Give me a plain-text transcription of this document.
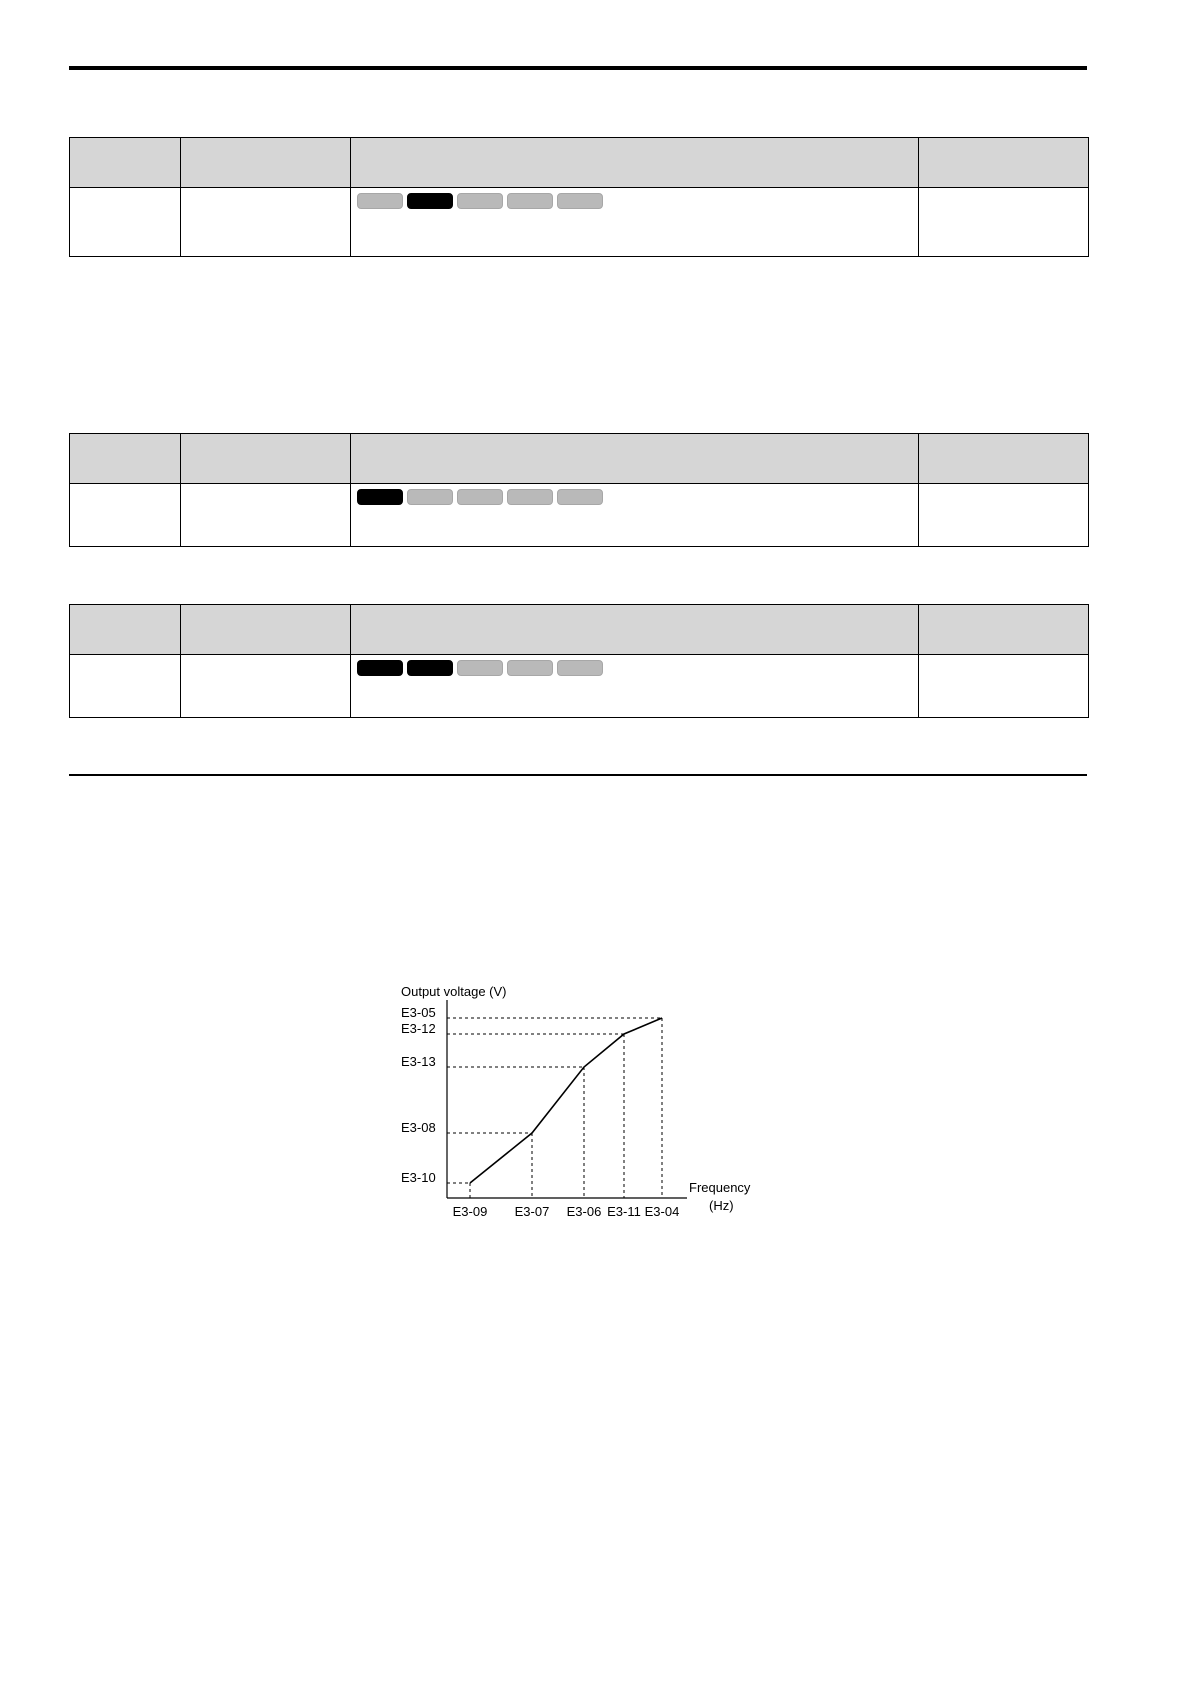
Output voltage (V)
Frequency
(Hz)
E3-05
E3-12
E3-13
E3-08
E3-10
E3-09 E3-07 E3-06 E3-11 E3-04
